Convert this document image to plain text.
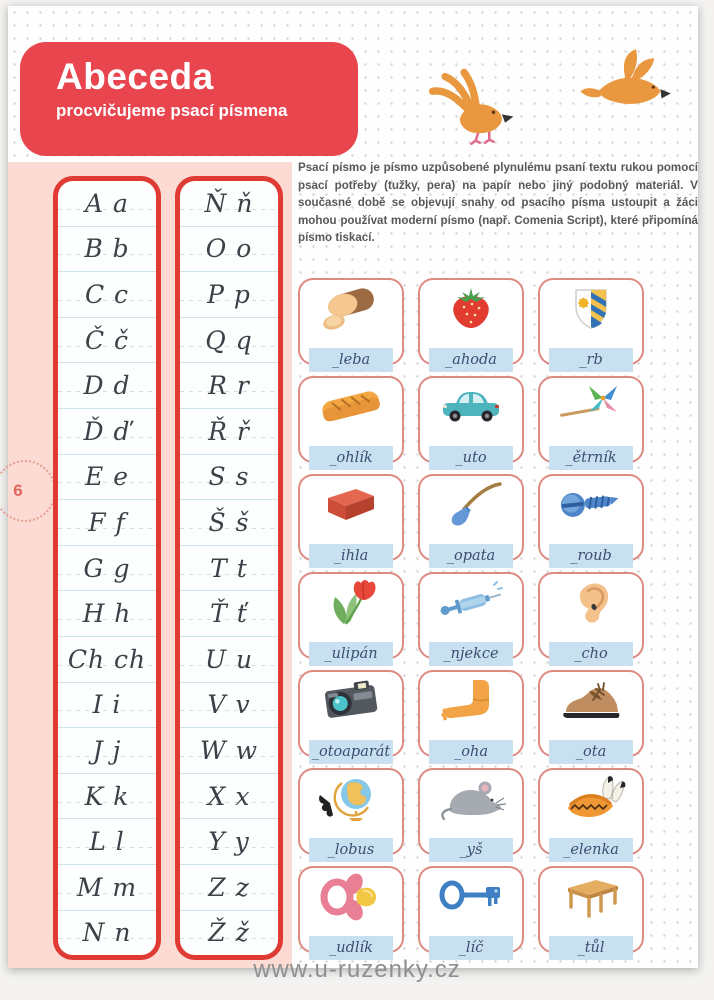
Abeceda
procvičujeme psací písmena
6
A a
B b
C c
Č č
D d
Ď ď
E e
F f
G g
H h
Ch ch
I i
J j
K k
L l
M m
N n
Ň ň
O o
P p
Q q
R r
Ř ř
S s
Š š
T t
Ť ť
U u
V v
W w
X x
Y y
Z z
Ž ž

Psací písmo je písmo uzpůsobené plynulému psaní textu rukou pomocí psací potřeby (tužky, pera) na papír nebo jiný podobný materiál. V současné době se objevují snahy od psacího písma ustoupit a žáci mohou používat moderní písmo (např. Comenia Script), které připomíná písmo tiskací.

_leba	_ahoda	_rb
_ohlík	_uto	_ětrník
_ihla	_opata	_roub
_ulipán	_njekce	_cho
_otoaparát	_oha	_ota
_lobus	_yš	_elenka
_udlík	_líč	_tůl
www.u-ruzenky.cz
